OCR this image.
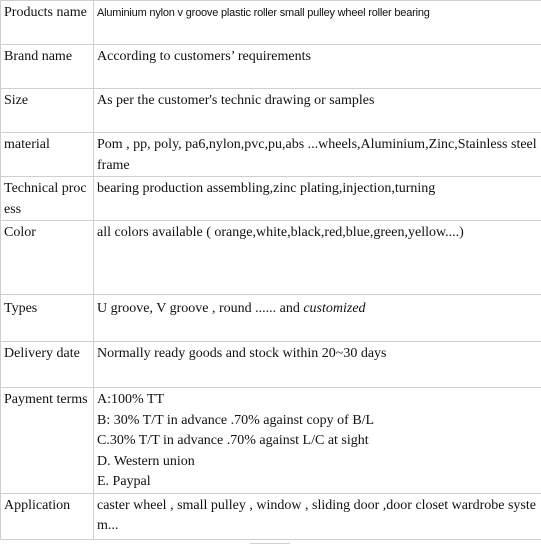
Products name	Aluminium nylon v groove plastic roller small pulley wheel roller bearing
Brand name	According to customers’ requirements
Size	As per the customer's technic drawing or samples
material	Pom , pp, poly, pa6,nylon,pvc,pu,abs ...wheels,Aluminium,Zinc,Stainless steel frame
Technical process	bearing production assembling,zinc plating,injection,turning
Color	all colors available ( orange,white,black,red,blue,green,yellow....)
Types	U groove, V groove , round ...... and customized
Delivery date	Normally ready goods and stock within 20~30 days
Payment terms	A:100% TT
B: 30% T/T in advance .70% against copy of B/L
C.30% T/T in advance .70% against L/C at sight
D. Western union
E. Paypal

Application	caster wheel , small pulley , window , sliding door ,door closet wardrobe system...
